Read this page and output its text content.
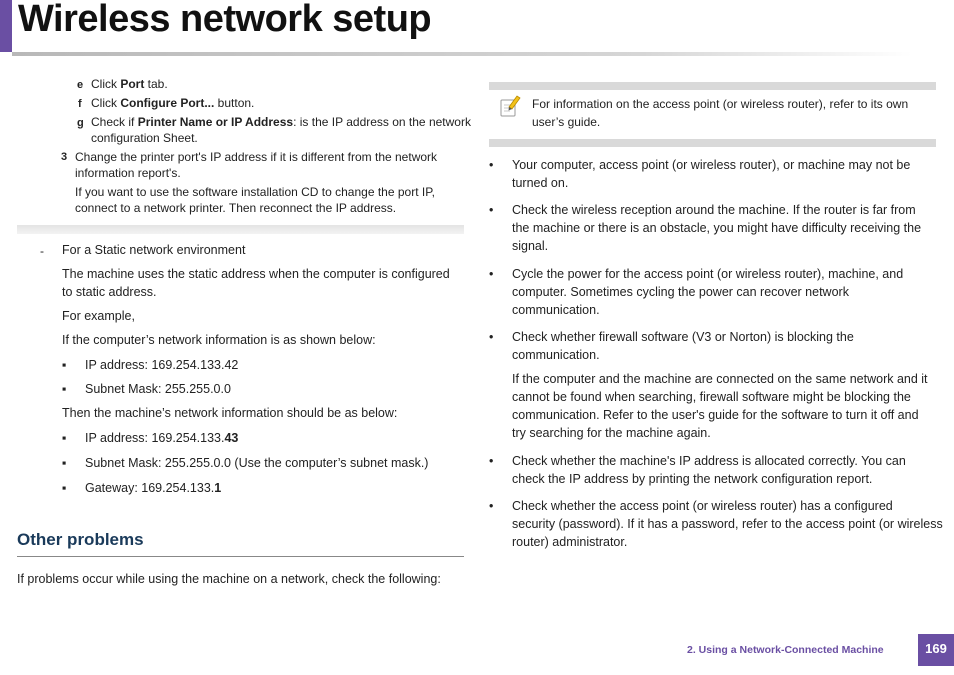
Wireless network setup
e Click Port tab.
f Click Configure Port... button.
g Check if Printer Name or IP Address: is the IP address on the network
configuration Sheet.
3 Change the printer port's IP address if it is different from the network
information report's.
If you want to use the software installation CD to change the port IP,
connect to a network printer. Then reconnect the IP address.
- For a Static network environment
The machine uses the static address when the computer is configured
to static address.
For example,
If the computer’s network information is as shown below:
▪ IP address: 169.254.133.42
▪ Subnet Mask: 255.255.0.0
Then the machine’s network information should be as below:
▪ IP address: 169.254.133.43
▪ Subnet Mask: 255.255.0.0 (Use the computer’s subnet mask.)
▪ Gateway: 169.254.133.1
Other problems
If problems occur while using the machine on a network, check the following:
For information on the access point (or wireless router), refer to its own
user’s guide.
• Your computer, access point (or wireless router), or machine may not be
turned on.
• Check the wireless reception around the machine. If the router is far from
the machine or there is an obstacle, you might have difficulty receiving the
signal.
• Cycle the power for the access point (or wireless router), machine, and
computer. Sometimes cycling the power can recover network
communication.
• Check whether firewall software (V3 or Norton) is blocking the
communication.
If the computer and the machine are connected on the same network and it
cannot be found when searching, firewall software might be blocking the
communication. Refer to the user's guide for the software to turn it off and
try searching for the machine again.
• Check whether the machine's IP address is allocated correctly. You can
check the IP address by printing the network configuration report.
• Check whether the access point (or wireless router) has a configured
security (password). If it has a password, refer to the access point (or wireless
router) administrator.
2. Using a Network-Connected Machine	169
